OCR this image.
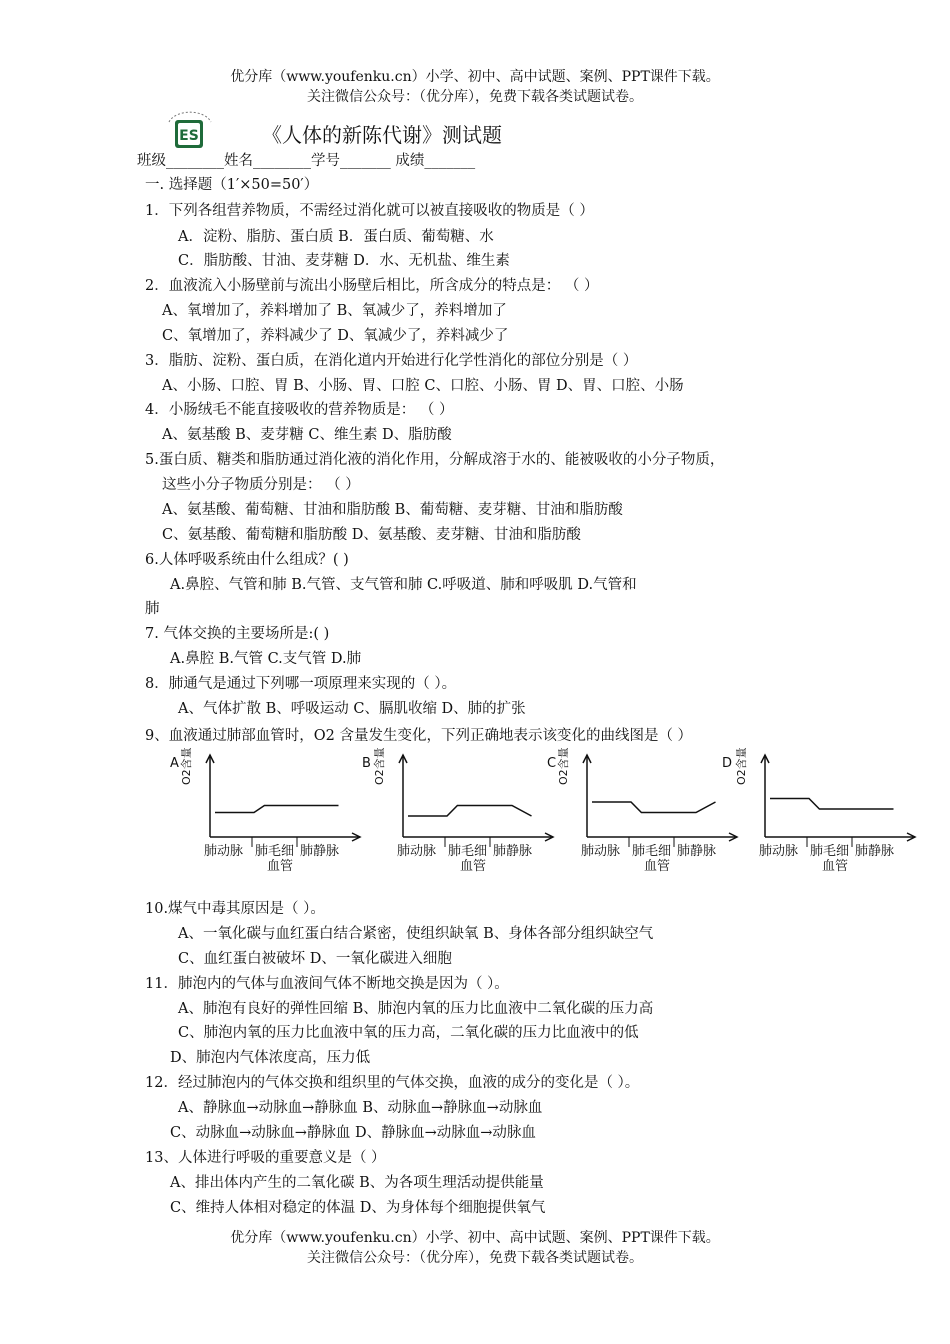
优分库（www.youfenku.cn）小学、初中、高中试题、案例、PPT课件下载。
关注微信公众号：（优分库），免费下载各类试题试卷。
ES	《人体的新陈代谢》测试题
班级________姓名________学号_______ 成绩_______
一. 选择题（1′×50=50′）
1．下列各组营养物质，不需经过消化就可以被直接吸收的物质是（ ）
A．淀粉、脂肪、蛋白质 B．蛋白质、葡萄糖、水
C．脂肪酸、甘油、麦芽糖 D．水、无机盐、维生素
2．血液流入小肠壁前与流出小肠壁后相比，所含成分的特点是： （ ）
A、氧增加了，养料增加了 B、氧减少了，养料增加了
C、氧增加了，养料减少了 D、氧减少了，养料减少了
3．脂肪、淀粉、蛋白质，在消化道内开始进行化学性消化的部位分别是（ ）
A、小肠、口腔、胃 B、小肠、胃、口腔 C、口腔、小肠、胃 D、胃、口腔、小肠
4．小肠绒毛不能直接吸收的营养物质是： （ ）
A、氨基酸 B、麦芽糖 C、维生素 D、脂肪酸
5.蛋白质、糖类和脂肪通过消化液的消化作用，分解成溶于水的、能被吸收的小分子物质，
这些小分子物质分别是： （ ）
A、氨基酸、葡萄糖、甘油和脂肪酸 B、葡萄糖、麦芽糖、甘油和脂肪酸
C、氨基酸、葡萄糖和脂肪酸 D、氨基酸、麦芽糖、甘油和脂肪酸
6.人体呼吸系统由什么组成？( )
A.鼻腔、气管和肺 B.气管、支气管和肺 C.呼吸道、肺和呼吸肌 D.气管和
肺
7. 气体交换的主要场所是:( )
A.鼻腔 B.气管 C.支气管 D.肺
8．肺通气是通过下列哪一项原理来实现的（ ）。
A、气体扩散 B、呼吸运动 C、膈肌收缩 D、肺的扩张
9、血液通过肺部血管时，O2 含量发生变化，下列正确地表示该变化的曲线图是（ ）
A O2含量
肺动脉 肺毛细
血管
肺静脉
B O2含量
肺动脉 肺毛细
血管
肺静脉
C O2含量
肺动脉 肺毛细
血管
肺静脉
D O2含量
肺动脉 肺毛细
血管
肺静脉
10.煤气中毒其原因是（ ）。
A、一氧化碳与血红蛋白结合紧密，使组织缺氧 B、身体各部分组织缺空气
C、血红蛋白被破坏 D、一氧化碳进入细胞
11．肺泡内的气体与血液间气体不断地交换是因为（ ）。
A、肺泡有良好的弹性回缩 B、肺泡内氧的压力比血液中二氧化碳的压力高
C、肺泡内氧的压力比血液中氧的压力高，二氧化碳的压力比血液中的低
D、肺泡内气体浓度高，压力低
12．经过肺泡内的气体交换和组织里的气体交换，血液的成分的变化是（ ）。
A、静脉血→动脉血→静脉血 B、动脉血→静脉血→动脉血
C、动脉血→动脉血→静脉血 D、静脉血→动脉血→动脉血
13、人体进行呼吸的重要意义是（ ）
A、排出体内产生的二氧化碳 B、为各项生理活动提供能量
C、维持人体相对稳定的体温 D、为身体每个细胞提供氧气
优分库（www.youfenku.cn）小学、初中、高中试题、案例、PPT课件下载。
关注微信公众号：（优分库），免费下载各类试题试卷。
